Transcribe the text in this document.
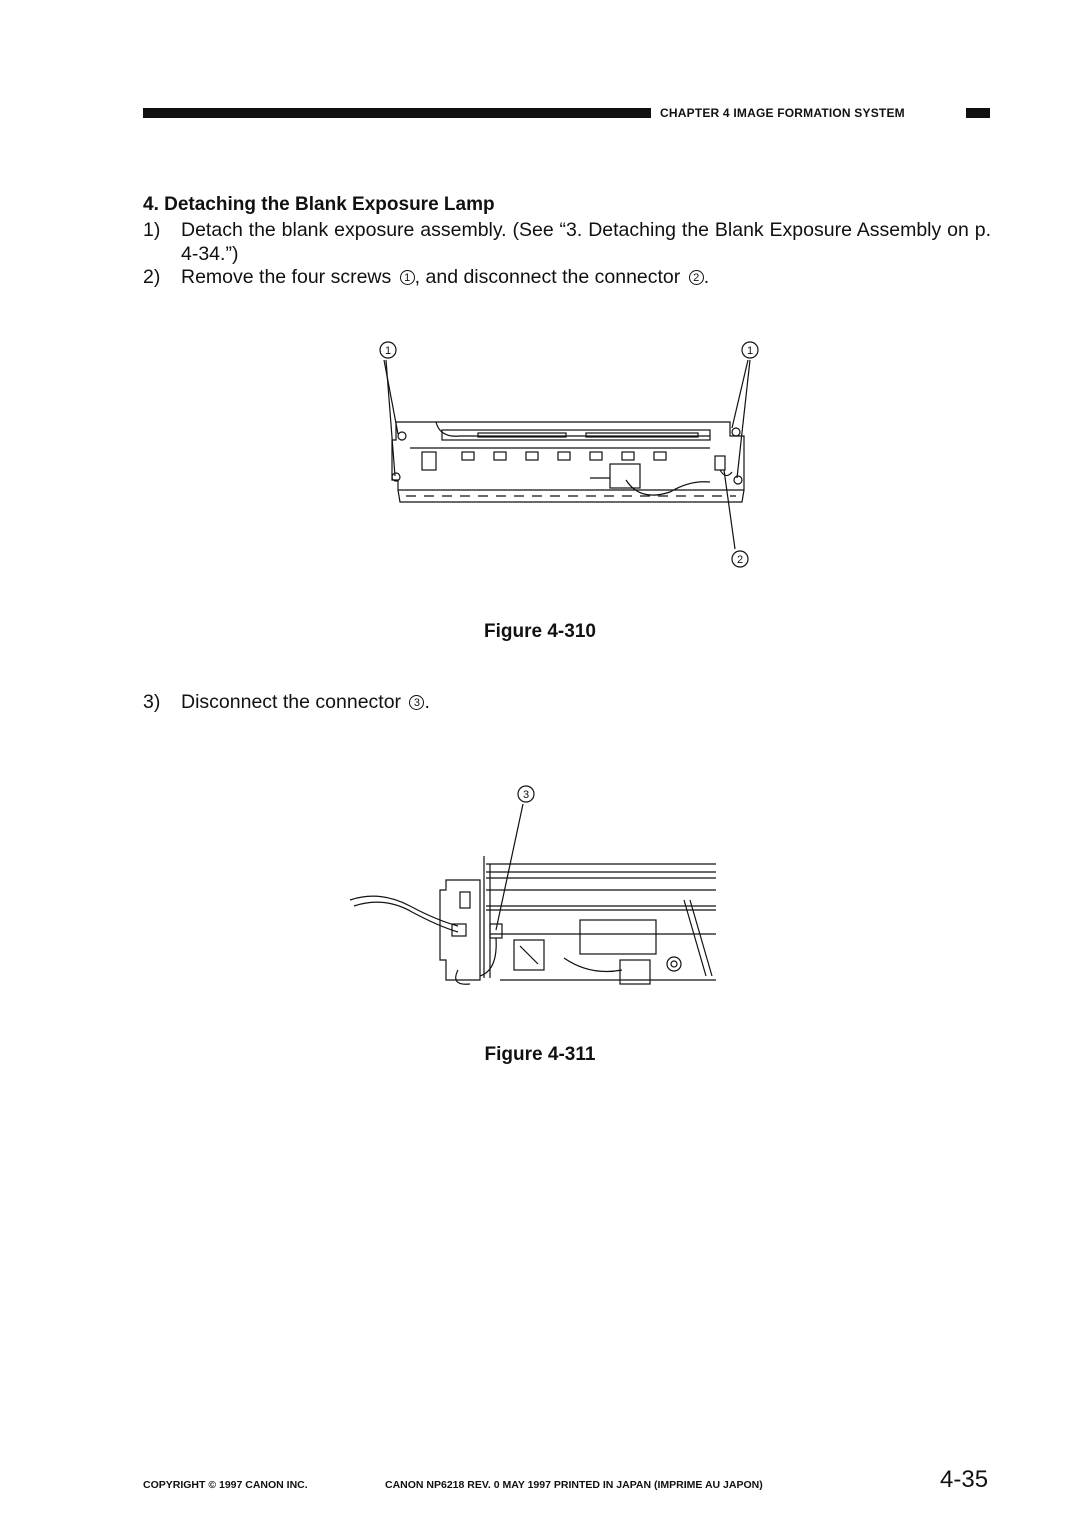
CHAPTER 4 IMAGE FORMATION SYSTEM
4. Detaching the Blank Exposure Lamp
1)	Detach the blank exposure assembly. (See “3. Detaching the Blank Exposure Assembly on p. 4-34.”)
2)	Remove the four screws 1 , and disconnect the connector 2 .
1	1
2
Figure 4-310
3)	Disconnect the connector 3 .
3
Figure 4-311
COPYRIGHT © 1997 CANON INC.	CANON NP6218 REV. 0 MAY 1997 PRINTED IN JAPAN (IMPRIME AU JAPON)	4-35
